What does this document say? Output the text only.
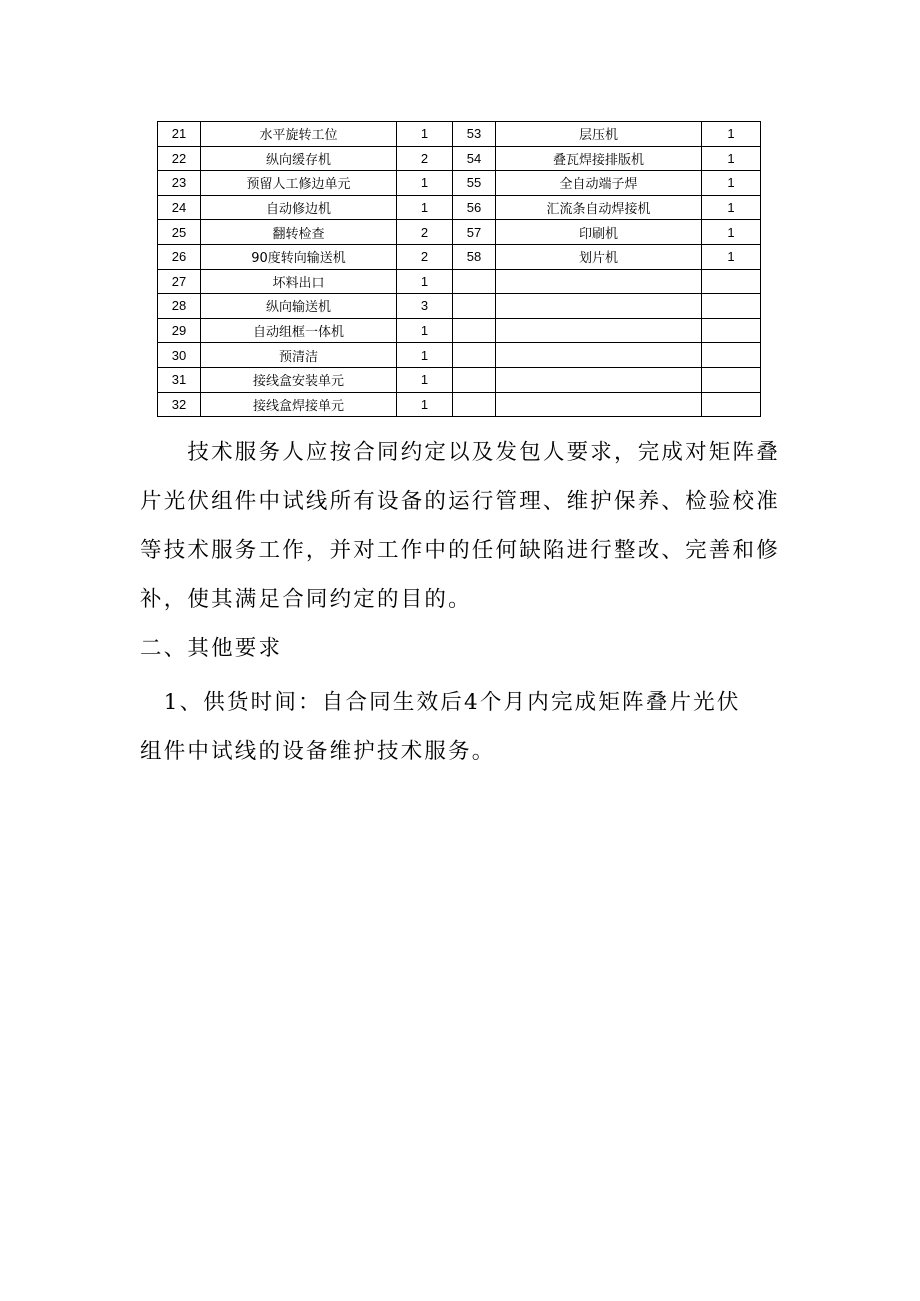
21	水平旋转工位	1	53	层压机	1
22	纵向缓存机	2	54	叠瓦焊接排版机	1
23	预留人工修边单元	1	55	全自动端子焊	1
24	自动修边机	1	56	汇流条自动焊接机	1
25	翻转检查	2	57	印刷机	1
26	90度转向输送机	2	58	划片机	1
27	坏料出口	1			
28	纵向输送机	3			
29	自动组框一体机	1			
30	预清洁	1			
31	接线盒安装单元	1			
32	接线盒焊接单元	1			

　　技术服务人应按合同约定以及发包人要求，完成对矩阵叠
片光伏组件中试线所有设备的运行管理、维护保养、检验校准
等技术服务工作，并对工作中的任何缺陷进行整改、完善和修
补，使其满足合同约定的目的。

二、其他要求

　1、供货时间：自合同生效后4个月内完成矩阵叠片光伏
组件中试线的设备维护技术服务。
